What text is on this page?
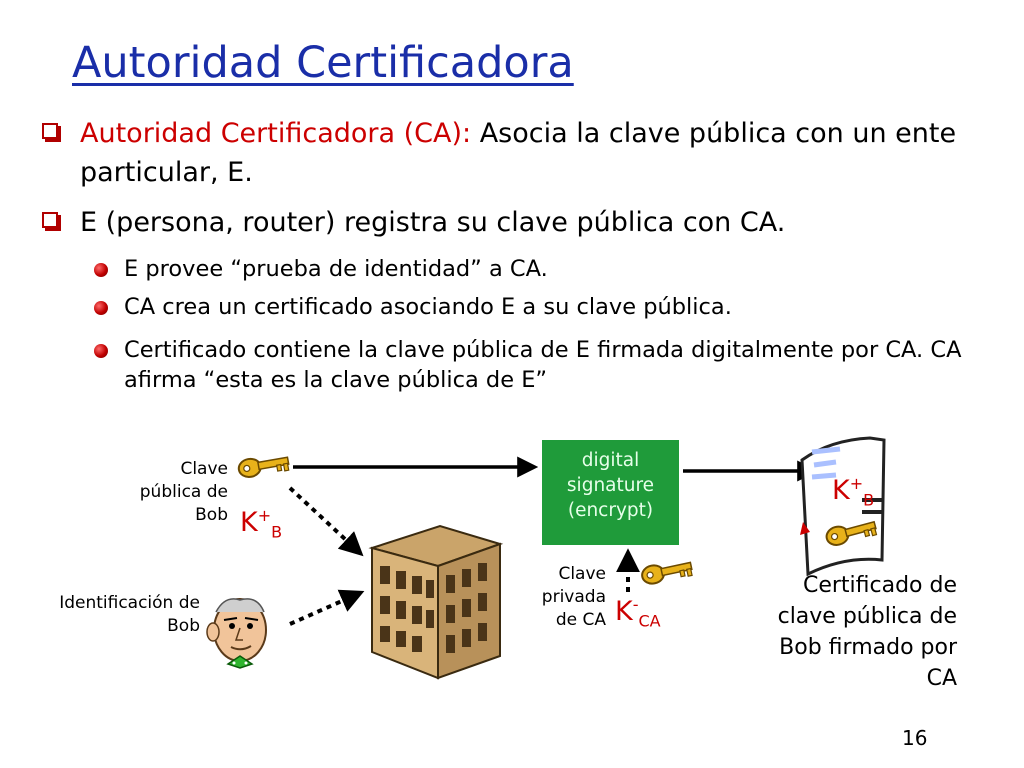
Autoridad Certificadora
Autoridad Certificadora (CA): Asocia la clave pública con un ente particular, E.
E (persona, router) registra su clave pública con CA.
E provee “prueba de identidad” a CA.
CA crea un certificado asociando E a su clave pública.
Certificado contiene la clave pública de E firmada digitalmente por CA. CA afirma “esta es la clave pública de E”
Clave pública de Bob $K^+_B$
Identificación de Bob
digital signature (encrypt)
Clave privada de CA $K^-_{CA}$
$K^+_B$
Certificado de clave pública de Bob firmado por CA
16
